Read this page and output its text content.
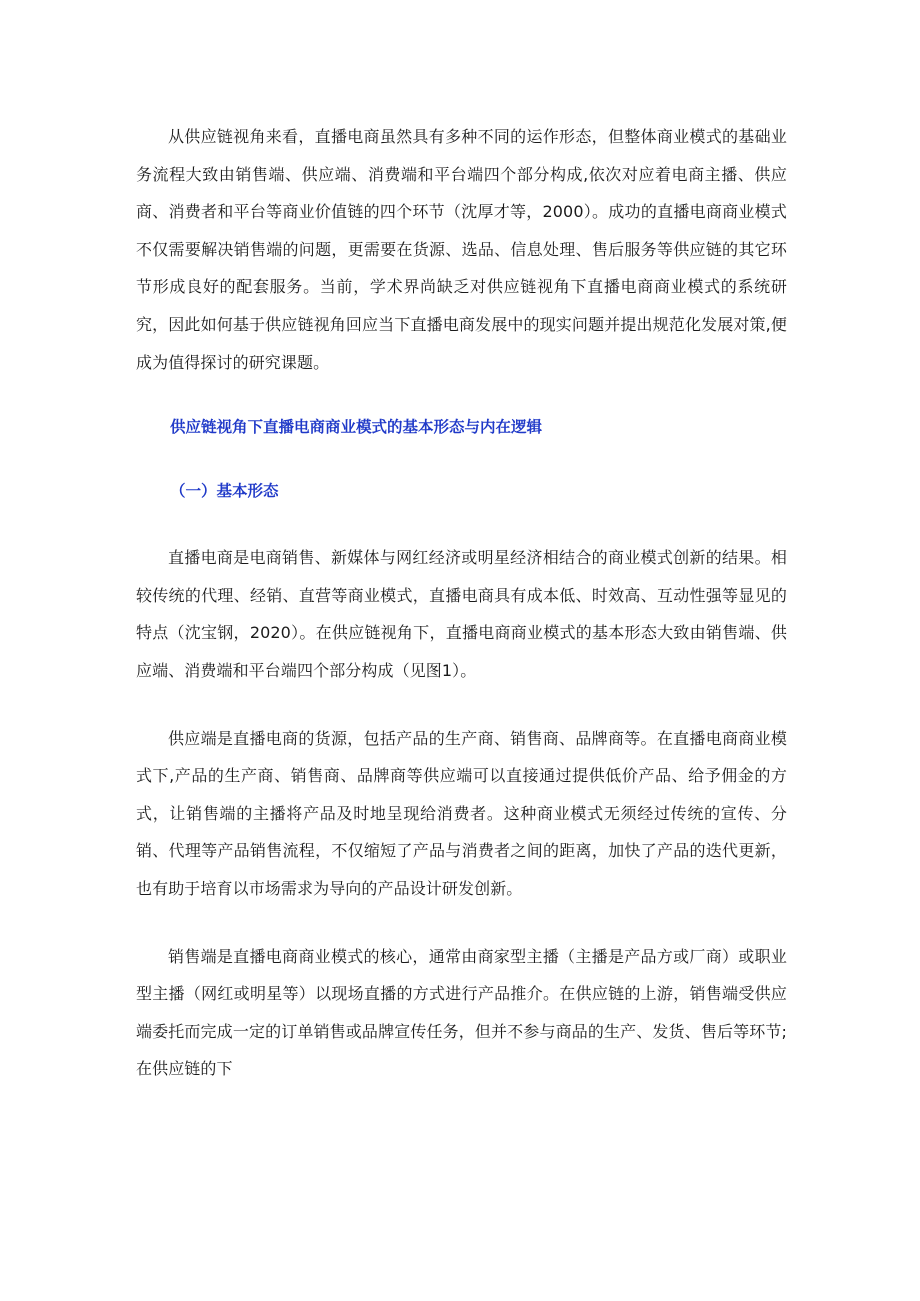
从供应链视角来看，直播电商虽然具有多种不同的运作形态，但整体商业模式的基础业务流程大致由销售端、供应端、消费端和平台端四个部分构成,依次对应着电商主播、供应商、消费者和平台等商业价值链的四个环节（沈厚才等，2000）。成功的直播电商商业模式不仅需要解决销售端的问题，更需要在货源、选品、信息处理、售后服务等供应链的其它环节形成良好的配套服务。当前，学术界尚缺乏对供应链视角下直播电商商业模式的系统研究，因此如何基于供应链视角回应当下直播电商发展中的现实问题并提出规范化发展对策,便成为值得探讨的研究课题。

供应链视角下直播电商商业模式的基本形态与内在逻辑

（一）基本形态

直播电商是电商销售、新媒体与网红经济或明星经济相结合的商业模式创新的结果。相较传统的代理、经销、直营等商业模式，直播电商具有成本低、时效高、互动性强等显见的特点（沈宝钢，2020）。在供应链视角下，直播电商商业模式的基本形态大致由销售端、供应端、消费端和平台端四个部分构成（见图1）。

供应端是直播电商的货源，包括产品的生产商、销售商、品牌商等。在直播电商商业模式下,产品的生产商、销售商、品牌商等供应端可以直接通过提供低价产品、给予佣金的方式，让销售端的主播将产品及时地呈现给消费者。这种商业模式无须经过传统的宣传、分销、代理等产品销售流程，不仅缩短了产品与消费者之间的距离，加快了产品的迭代更新，也有助于培育以市场需求为导向的产品设计研发创新。

销售端是直播电商商业模式的核心，通常由商家型主播（主播是产品方或厂商）或职业型主播（网红或明星等）以现场直播的方式进行产品推介。在供应链的上游，销售端受供应端委托而完成一定的订单销售或品牌宣传任务，但并不参与商品的生产、发货、售后等环节;在供应链的下
